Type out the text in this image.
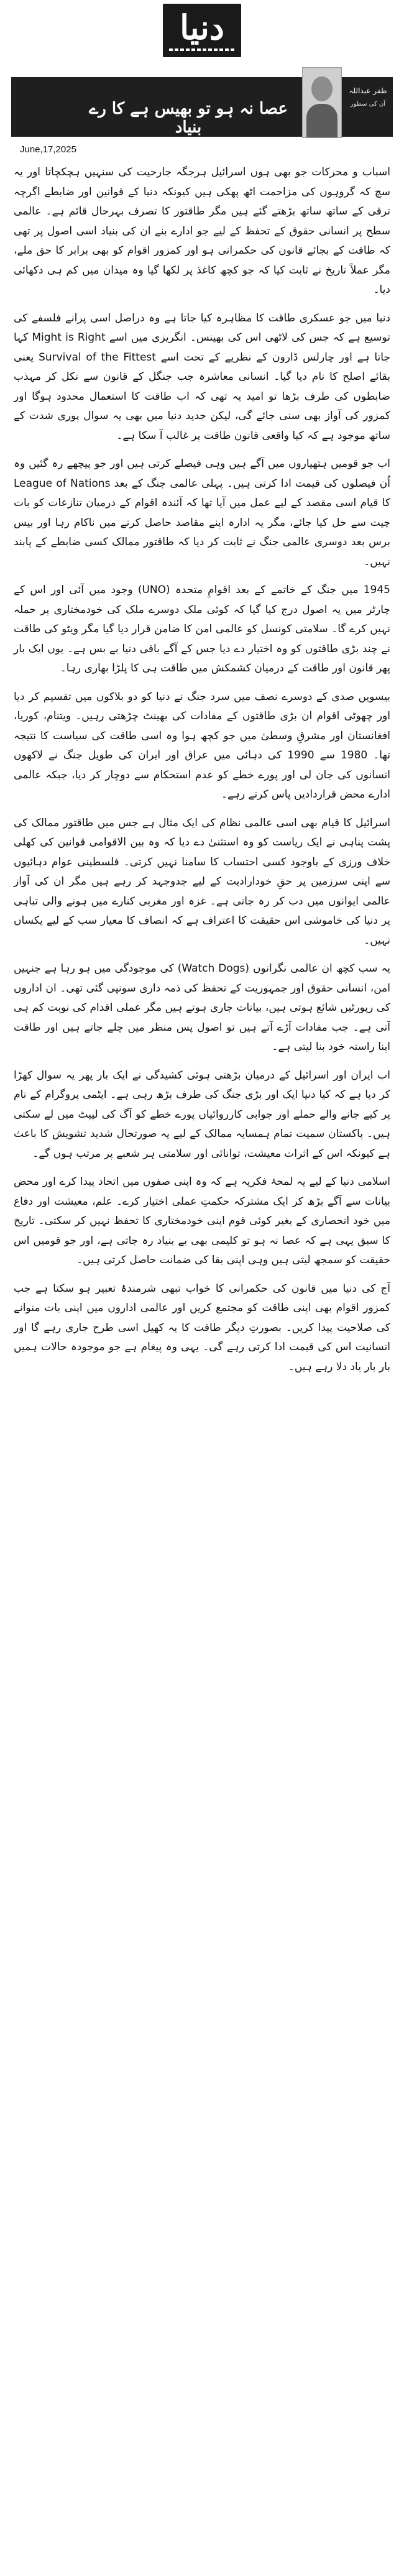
دنیا
عصا نہ ہو تو بھیس ہے کا رے بنیاد
ظفر عبداللہ
آن کی سطور
June,17,2025

اسباب و محرکات جو بھی ہوں اسرائیل ہرجگہ جارحیت کی سنہیں ہچکچاتا اور یہ سچ کہ گروہوں کی مزاحمت اٹھ پھکی ہیں کیونکہ دنیا کے قوانین اور ضابطے اگرچہ ترقی کے ساتھ ساتھ بڑھتے گئے ہیں مگر طاقتور کا تصرف بہرحال قائم ہے۔ عالمی سطح پر انسانی حقوق کے تحفظ کے لیے جو ادارے بنے ان کی بنیاد اسی اصول پر تھی کہ طاقت کے بجائے قانون کی حکمرانی ہو اور کمزور اقوام کو بھی برابر کا حق ملے، مگر عملاً تاریخ نے ثابت کیا کہ جو کچھ کاغذ پر لکھا گیا وہ میدان میں کم ہی دکھائی دیا۔

دنیا میں جو عسکری طاقت کا مظاہرہ کیا جاتا ہے وہ دراصل اسی پرانے فلسفے کی توسیع ہے کہ جس کی لاٹھی اس کی بھینس۔ انگریزی میں اسے Might is Right کہا جاتا ہے اور چارلس ڈارون کے نظریے کے تحت اسے Survival of the Fittest یعنی بقائے اصلح کا نام دیا گیا۔ انسانی معاشرہ جب جنگل کے قانون سے نکل کر مہذب ضابطوں کی طرف بڑھا تو امید یہ تھی کہ اب طاقت کا استعمال محدود ہوگا اور کمزور کی آواز بھی سنی جائے گی، لیکن جدید دنیا میں بھی یہ سوال پوری شدت کے ساتھ موجود ہے کہ کیا واقعی قانون طاقت پر غالب آ سکا ہے۔

اب جو قومیں ہتھیاروں میں آگے ہیں وہی فیصلے کرتی ہیں اور جو پیچھے رہ گئیں وہ اُن فیصلوں کی قیمت ادا کرتی ہیں۔ پہلی عالمی جنگ کے بعد League of Nations کا قیام اسی مقصد کے لیے عمل میں آیا تھا کہ آئندہ اقوام کے درمیان تنازعات کو بات چیت سے حل کیا جائے، مگر یہ ادارہ اپنے مقاصد حاصل کرنے میں ناکام رہا اور بیس برس بعد دوسری عالمی جنگ نے ثابت کر دیا کہ طاقتور ممالک کسی ضابطے کے پابند نہیں۔

1945 میں جنگ کے خاتمے کے بعد اقوامِ متحدہ (UNO) وجود میں آئی اور اس کے چارٹر میں یہ اصول درج کیا گیا کہ کوئی ملک دوسرے ملک کی خودمختاری پر حملہ نہیں کرے گا۔ سلامتی کونسل کو عالمی امن کا ضامن قرار دیا گیا مگر ویٹو کی طاقت نے چند بڑی طاقتوں کو وہ اختیار دے دیا جس کے آگے باقی دنیا بے بس ہے۔ یوں ایک بار پھر قانون اور طاقت کے درمیان کشمکش میں طاقت ہی کا پلڑا بھاری رہا۔

بیسویں صدی کے دوسرے نصف میں سرد جنگ نے دنیا کو دو بلاکوں میں تقسیم کر دیا اور چھوٹی اقوام ان بڑی طاقتوں کے مفادات کی بھینٹ چڑھتی رہیں۔ ویتنام، کوریا، افغانستان اور مشرقِ وسطیٰ میں جو کچھ ہوا وہ اسی طاقت کی سیاست کا نتیجہ تھا۔ 1980 سے 1990 کی دہائی میں عراق اور ایران کی طویل جنگ نے لاکھوں انسانوں کی جان لی اور پورے خطے کو عدم استحکام سے دوچار کر دیا، جبکہ عالمی ادارے محض قراردادیں پاس کرتے رہے۔

اسرائیل کا قیام بھی اسی عالمی نظام کی ایک مثال ہے جس میں طاقتور ممالک کی پشت پناہی نے ایک ریاست کو وہ استثنیٰ دے دیا کہ وہ بین الاقوامی قوانین کی کھلی خلاف ورزی کے باوجود کسی احتساب کا سامنا نہیں کرتی۔ فلسطینی عوام دہائیوں سے اپنی سرزمین پر حقِ خودارادیت کے لیے جدوجہد کر رہے ہیں مگر ان کی آواز عالمی ایوانوں میں دب کر رہ جاتی ہے۔ غزہ اور مغربی کنارے میں ہونے والی تباہی پر دنیا کی خاموشی اس حقیقت کا اعتراف ہے کہ انصاف کا معیار سب کے لیے یکساں نہیں۔

یہ سب کچھ ان عالمی نگرانوں (Watch Dogs) کی موجودگی میں ہو رہا ہے جنہیں امن، انسانی حقوق اور جمہوریت کے تحفظ کی ذمہ داری سونپی گئی تھی۔ ان اداروں کی رپورٹیں شائع ہوتی ہیں، بیانات جاری ہوتے ہیں مگر عملی اقدام کی نوبت کم ہی آتی ہے۔ جب مفادات آڑے آتے ہیں تو اصول پس منظر میں چلے جاتے ہیں اور طاقت اپنا راستہ خود بنا لیتی ہے۔

اب ایران اور اسرائیل کے درمیان بڑھتی ہوئی کشیدگی نے ایک بار پھر یہ سوال کھڑا کر دیا ہے کہ کیا دنیا ایک اور بڑی جنگ کی طرف بڑھ رہی ہے۔ ایٹمی پروگرام کے نام پر کیے جانے والے حملے اور جوابی کارروائیاں پورے خطے کو آگ کی لپیٹ میں لے سکتی ہیں۔ پاکستان سمیت تمام ہمسایہ ممالک کے لیے یہ صورتحال شدید تشویش کا باعث ہے کیونکہ اس کے اثرات معیشت، توانائی اور سلامتی ہر شعبے پر مرتب ہوں گے۔

اسلامی دنیا کے لیے یہ لمحۂ فکریہ ہے کہ وہ اپنی صفوں میں اتحاد پیدا کرے اور محض بیانات سے آگے بڑھ کر ایک مشترکہ حکمتِ عملی اختیار کرے۔ علم، معیشت اور دفاع میں خود انحصاری کے بغیر کوئی قوم اپنی خودمختاری کا تحفظ نہیں کر سکتی۔ تاریخ کا سبق یہی ہے کہ عصا نہ ہو تو کلیمی بھی بے بنیاد رہ جاتی ہے، اور جو قومیں اس حقیقت کو سمجھ لیتی ہیں وہی اپنی بقا کی ضمانت حاصل کرتی ہیں۔

آج کی دنیا میں قانون کی حکمرانی کا خواب تبھی شرمندۂ تعبیر ہو سکتا ہے جب کمزور اقوام بھی اپنی طاقت کو مجتمع کریں اور عالمی اداروں میں اپنی بات منوانے کی صلاحیت پیدا کریں۔ بصورتِ دیگر طاقت کا یہ کھیل اسی طرح جاری رہے گا اور انسانیت اس کی قیمت ادا کرتی رہے گی۔ یہی وہ پیغام ہے جو موجودہ حالات ہمیں بار بار یاد دلا رہے ہیں۔
